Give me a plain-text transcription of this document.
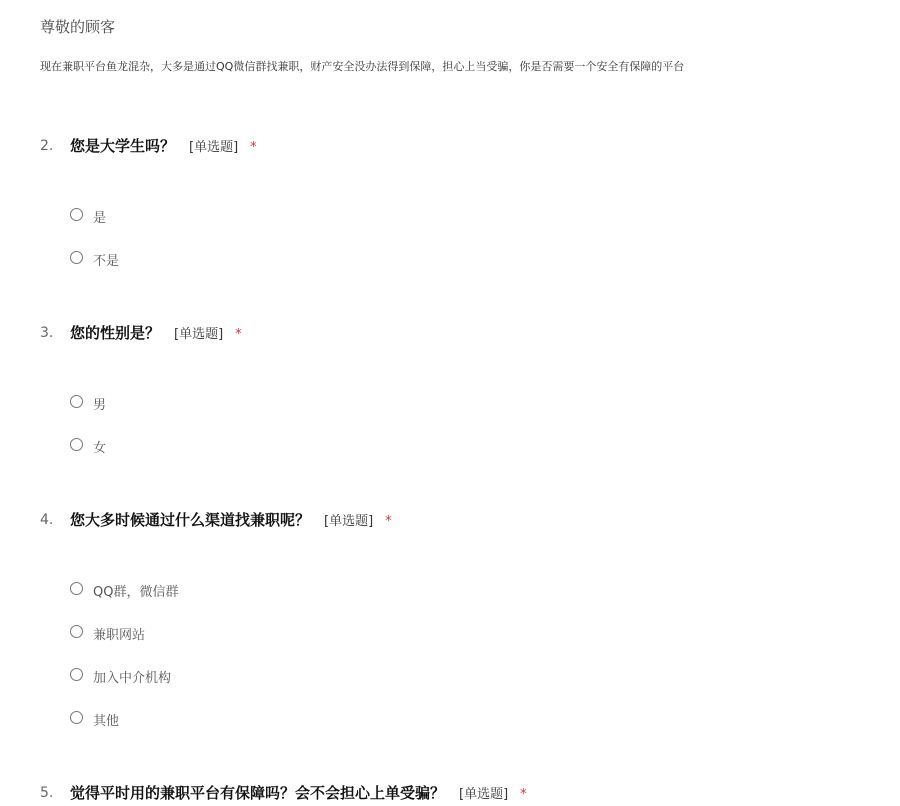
尊敬的顾客
现在兼职平台鱼龙混杂，大多是通过QQ微信群找兼职，财产安全没办法得到保障，担心上当受骗，你是否需要一个安全有保障的平台
2. 您是大学生吗？ [单选题] *
是
不是
3. 您的性别是？ [单选题] *
男
女
4. 您大多时候通过什么渠道找兼职呢？ [单选题] *
QQ群，微信群
兼职网站
加入中介机构
其他
5. 觉得平时用的兼职平台有保障吗？会不会担心上单受骗？ [单选题] *
